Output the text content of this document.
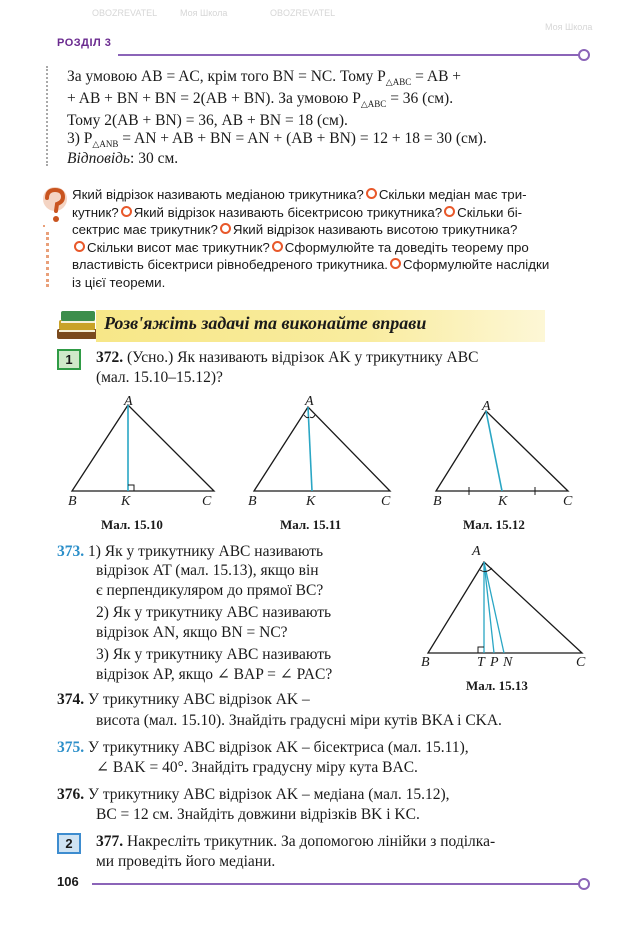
OBOZREVATEL	Моя Школа	OBOZREVATEL
Моя Школа
РОЗДІЛ 3
За умовою AB = AC, крім того BN = NC. Тому $P_{\triangle ABC}$ = AB +
+ AB + BN + BN = 2(AB + BN). За умовою $P_{\triangle ABC} = 36$ (см).
Тому 2(AB + BN) = 36, AB + BN = 18 (см).
3) $P_{\triangle ANB}$ = AN + AB + BN = AN + (AB + BN) = 12 + 18 = 30 (см).
Відповідь: 30 см.
Який відрізок називають медіаною трикутника? Скільки медіан має три-
кутник? Який відрізок називають бісектрисою трикутника? Скільки бі-
сектрис має трикутник? Який відрізок називають висотою трикутника?
Скільки висот має трикутник? Сформулюйте та доведіть теорему про
властивість бісектриси рівнобедреного трикутника. Сформулюйте наслідки
із цієї теореми.
Розв'яжіть задачі та виконайте вправи
1	372. (Усно.) Як називають відрізок AK у трикутнику ABC
(мал. 15.10–15.12)?
A
B	K	C
Мал. 15.10
A
B	K	C
Мал. 15.11
A
B	K	C
Мал. 15.12
373. 1) Як у трикутнику ABC називають
відрізок AT (мал. 15.13), якщо він
є перпендикуляром до прямої BC?
2) Як у трикутнику ABC називають
відрізок AN, якщо BN = NC?
3) Як у трикутнику ABC називають
відрізок AP, якщо ∠ BAP = ∠ PAC?
A
B	T P N	C
Мал. 15.13
374. У трикутнику ABC відрізок AK –
висота (мал. 15.10). Знайдіть градусні міри кутів BKA і CKA.
375. У трикутнику ABC відрізок AK – бісектриса (мал. 15.11),
∠ BAK = 40°. Знайдіть градусну міру кута BAC.
376. У трикутнику ABC відрізок AK – медіана (мал. 15.12),
BC = 12 см. Знайдіть довжини відрізків BK і KC.
2	377. Накресліть трикутник. За допомогою лінійки з поділка-
ми проведіть його медіани.
106
